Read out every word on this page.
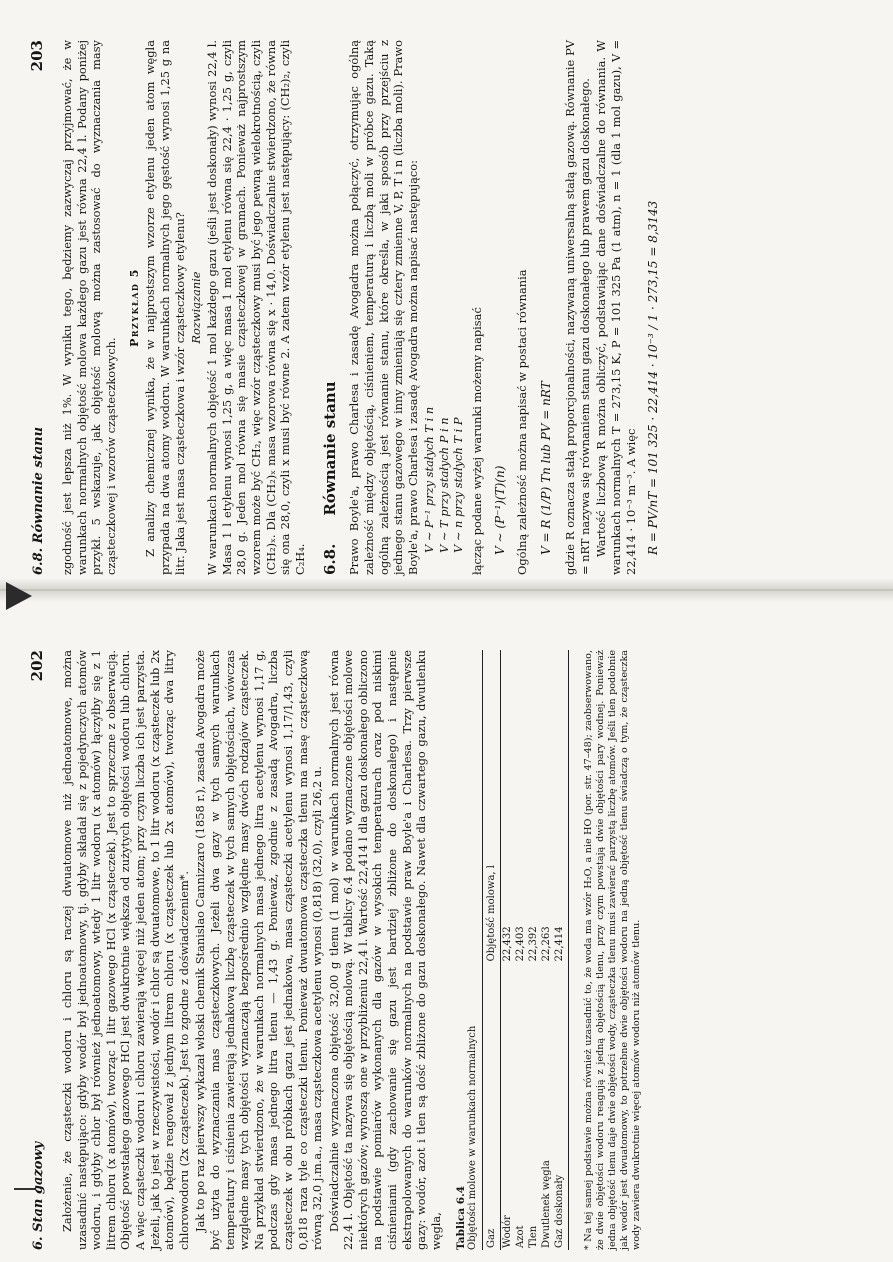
6.8. Równanie stanu
203 zgodność jest lepsza niż 1%. W wyniku tego, będziemy zazwyczaj przyjmować, że w warunkach normalnych objętość molowa każdego gazu jest równa 22,4 l. Podany poniżej przykł. 5 wskazuje, jak objętość molową można zastosować do wyznaczania masy cząsteczkowej i wzorów cząsteczkowych.

Przykład 5 Z analizy chemicznej wynika, że w najprostszym wzorze etylenu jeden atom węgla przypada na dwa atomy wodoru. W warunkach normalnych jego gęstość wynosi 1,25 g na litr. Jaka jest masa cząsteczkowa i wzór cząsteczkowy etylenu? Rozwiązanie W warunkach normalnych objętość 1 mol każdego gazu (jeśli jest doskonały) wynosi 22,4 l. Masa 1 l etylenu wynosi 1,25 g, a więc masa 1 mol etylenu równa się 22,4 · 1,25 g, czyli 28,0 g. Jeden mol równa się masie cząsteczkowej w gramach. Ponieważ najprostszym wzorem może być CH₂, więc wzór cząsteczkowy musi być jego pewną wielokrotnością, czyli (CH₂)ₓ. Dla (CH₂)ₓ masa wzorowa równa się x · 14,0. Doświadczalnie stwierdzono, że równa się ona 28,0, czyli x musi być równe 2. A zatem wzór etylenu jest następujący: (CH₂)₂, czyli C₂H₄. 6.8.
Równanie stanu Prawo Boyle'a, prawo Charlesa i zasadę Avogadra można połączyć, otrzymując ogólną zależność między objętością, ciśnieniem, temperaturą i liczbą moli w próbce gazu. Taką ogólną zależnością jest równanie stanu, które określa, w jaki sposób przy przejściu z jednego stanu gazowego w inny zmieniają się cztery zmienne V, P, T i n (liczba moli). Prawo Boyle'a, prawo Charlesa i zasadę Avogadra można napisać następująco: V ∼ P⁻¹ przy stałych T i n V ∼ T przy stałych P i n V ∼ n przy stałych T i P łącząc podane wyżej warunki możemy napisać V ∼ (P⁻¹)(T)(n) Ogólną zależność można napisać w postaci równania V = R (1/P) Tn lub PV = nRT gdzie R oznacza stałą proporcjonalności, nazywaną uniwersalną stałą gazową. Równanie PV = nRT nazywa się równaniem stanu gazu doskonałego lub prawem gazu doskonałego. Wartość liczbową R można obliczyć, podstawiając dane doświadczalne do równania. W warunkach normalnych T = 273,15 K, P = 101 325 Pa (1 atm), n = 1 (dla 1 mol gazu), V = 22,414 · 10⁻³ m⁻³. A więc R = PV/nT = 101 325 · 22,414 · 10⁻³ / 1 · 273,15 = 8,3143
6. Stan gazowy
202 Założenie, że cząsteczki wodoru i chloru są raczej dwuatomowe niż jednoatomowe, można uzasadnić następująco: gdyby wodór był jednoatomowy, tj. gdyby składał się z pojedynczych atomów wodoru, i gdyby chlor był również jednoatomowy, wtedy 1 litr wodoru (x atomów) łączyłby się z 1 litrem chloru (x atomów), tworząc 1 litr gazowego HCl (x cząsteczek). Jest to sprzeczne z obserwacją. Objętość powstałego gazowego HCl jest dwukrotnie większa od zużytych objętości wodoru lub chloru. A więc cząsteczki wodoru i chloru zawierają więcej niż jeden atom; przy czym liczba ich jest parzysta. Jeżeli, jak to jest w rzeczywistości, wodór i chlor są dwuatomowe, to 1 litr wodoru (x cząsteczek lub 2x atomów), będzie reagował z jednym litrem chloru (x cząsteczek lub 2x atomów), tworząc dwa litry chlorowodoru (2x cząsteczek). Jest to zgodne z doświadczeniem*. Jak to po raz pierwszy wykazał włoski chemik Stanislao Cannizzaro (1858 r.), zasada Avogadra może być użyta do wyznaczania mas cząsteczkowych. Jeżeli dwa gazy w tych samych warunkach temperatury i ciśnienia zawierają jednakową liczbę cząsteczek w tych samych objętościach, wówczas względne masy tych objętości wyznaczają bezpośrednio względne masy dwóch rodzajów cząsteczek. Na przykład stwierdzono, że w warunkach normalnych masa jednego litra acetylenu wynosi 1,17 g, podczas gdy masa jednego litra tlenu — 1,43 g. Ponieważ, zgodnie z zasadą Avogadra, liczba cząsteczek w obu próbkach gazu jest jednakowa, masa cząsteczki acetylenu wynosi 1,17/1,43, czyli 0,818 raza tyle co cząsteczki tlenu. Ponieważ dwuatomowa cząsteczka tlenu ma masę cząsteczkową równą 32,0 j.m.a., masa cząsteczkowa acetylenu wynosi (0,818) (32,0), czyli 26,2 u. Doświadczalnie wyznaczona objętość 32,00 g tlenu (1 mol) w warunkach normalnych jest równa 22,4 l. Objętość ta nazywa się objętością molową. W tablicy 6.4 podano wyznaczone objętości molowe niektórych gazów; wynoszą one w przybliżeniu 22,4 l. Wartość 22,414 l dla gazu doskonałego obliczono na podstawie pomiarów wykonanych dla gazów w wysokich temperaturach oraz pod niskimi ciśnieniami (gdy zachowanie się gazu jest bardziej zbliżone do doskonałego) i następnie ekstrapolowanych do warunków normalnych na podstawie praw Boyle'a i Charlesa. Trzy pierwsze gazy: wodór, azot i tlen są dość zbliżone do gazu doskonałego. Nawet dla czwartego gazu, dwutlenku węgla, Tablica 6.4 Objętości molowe w warunkach normalnych Gaz	Objętość molowa, l
Wodór	22,432
Azot	22,403
Tlen	22,392
Dwutlenek węgla	22,263
Gaz doskonały	22,414 * Na tej samej podstawie można również uzasadnić to, że woda ma wzór H₂O, a nie HO (por. str. 47–48); zaobserwowano, że dwie objętości wodoru reagują z jedną objętością tlenu, przy czym powstają dwie objętości pary wodnej. Ponieważ jedna objętość tlenu daje dwie objętości wody, cząsteczka tlenu musi zawierać parzystą liczbę atomów. Jeśli tlen podobnie jak wodór jest dwuatomowy, to potrzebne dwie objętości wodoru na jedną objętość tlenu świadczą o tym, że cząsteczka wody zawiera dwukrotnie więcej atomów wodoru niż atomów tlenu.
